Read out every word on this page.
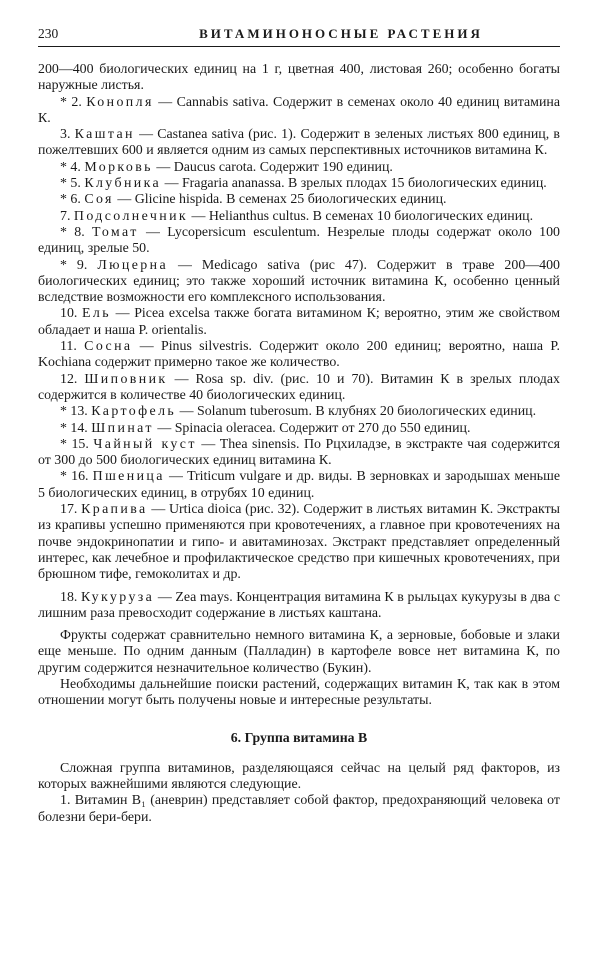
230	ВИТАМИНОНОСНЫЕ РАСТЕНИЯ

200—400 биологических единиц на 1 г, цветная 400, листовая 260; особенно богаты наружные листья.

* 2. Конопля — Cannabis sativa. Содержит в семенах около 40 единиц витамина К.

3. Каштан — Castanea sativa (рис. 1). Содержит в зеленых листьях 800 единиц, в пожелтевших 600 и является одним из самых перспективных источников витамина К.

* 4. Морковь — Daucus carota. Содержит 190 единиц.

* 5. Клубника — Fragaria ananassa. В зрелых плодах 15 биологических единиц.

* 6. Соя — Glicine hispida. В семенах 25 биологических единиц.

7. Подсолнечник — Helianthus cultus. В семенах 10 биологических единиц.

* 8. Томат — Lycopersicum esculentum. Незрелые плоды содержат около 100 единиц, зрелые 50.

* 9. Люцерна — Medicago sativa (рис 47). Содержит в траве 200—400 биологических единиц; это также хороший источник витамина К, особенно ценный вследствие возможности его комплексного использования.

10. Ель — Picea excelsa также богата витамином К; вероятно, этим же свойством обладает и наша P. orientalis.

11. Сосна — Pinus silvestris. Содержит около 200 единиц; вероятно, наша P. Kochiana содержит примерно такое же количество.

12. Шиповник — Rosa sp. div. (рис. 10 и 70). Витамин К в зрелых плодах содержится в количестве 40 биологических единиц.

* 13. Картофель — Solanum tuberosum. В клубнях 20 биологических единиц.

* 14. Шпинат — Spinacia oleracea. Содержит от 270 до 550 единиц.

* 15. Чайный куст — Thea sinensis. По Рцхиладзе, в экстракте чая содержится от 300 до 500 биологических единиц витамина К.

* 16. Пшеница — Triticum vulgare и др. виды. В зерновках и зародышах меньше 5 биологических единиц, в отрубях 10 единиц.

17. Крапива — Urtica dioica (рис. 32). Содержит в листьях витамин К. Экстракты из крапивы успешно применяются при кровотечениях, а главное при кровотечениях на почве эндокринопатии и гипо- и авитаминозах. Экстракт представляет определенный интерес, как лечебное и профилактическое средство при кишечных кровотечениях, при брюшном тифе, гемоколитах и др.

18. Кукуруза — Zea mays. Концентрация витамина К в рыльцах кукурузы в два с лишним раза превосходит содержание в листьях каштана.

Фрукты содержат сравнительно немного витамина К, а зерновые, бобовые и злаки еще меньше. По одним данным (Палладин) в картофеле вовсе нет витамина К, по другим содержится незначительное количество (Букин).

Необходимы дальнейшие поиски растений, содержащих витамин К, так как в этом отношении могут быть получены новые и интересные результаты.

6. Группа витамина В

Сложная группа витаминов, разделяющаяся сейчас на целый ряд факторов, из которых важнейшими являются следующие.

1. Витамин В₁ (аневрин) представляет собой фактор, предохраняющий человека от болезни бери-бери.
